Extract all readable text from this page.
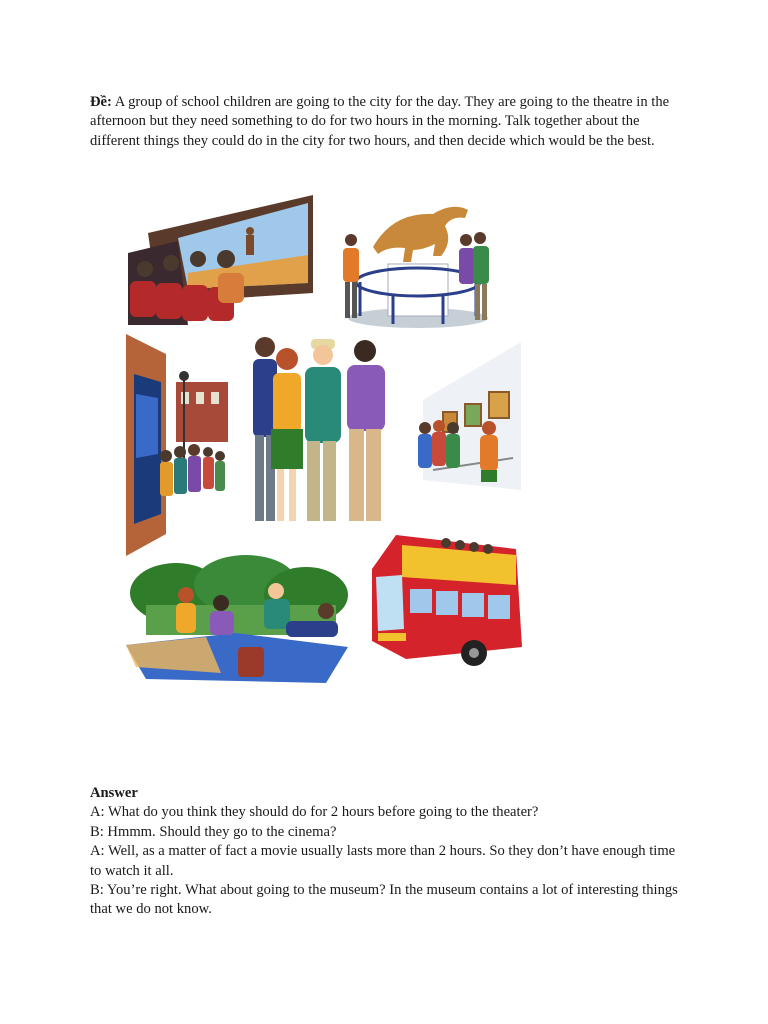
Đề: A group of school children are going to the city for the day. They are going to the theatre in the afternoon but they need something to do for two hours in the morning. Talk together about the different things they could do in the city for two hours, and then decide which would be the best.

Answer
A: What do you think they should do for 2 hours before going to the theater?
B: Hmmm. Should they go to the cinema?
A: Well, as a matter of fact a movie usually lasts more than 2 hours. So they don’t have enough time to watch it all.
B: You’re right. What about going to the museum? In the museum contains a lot of interesting things that we do not know.
